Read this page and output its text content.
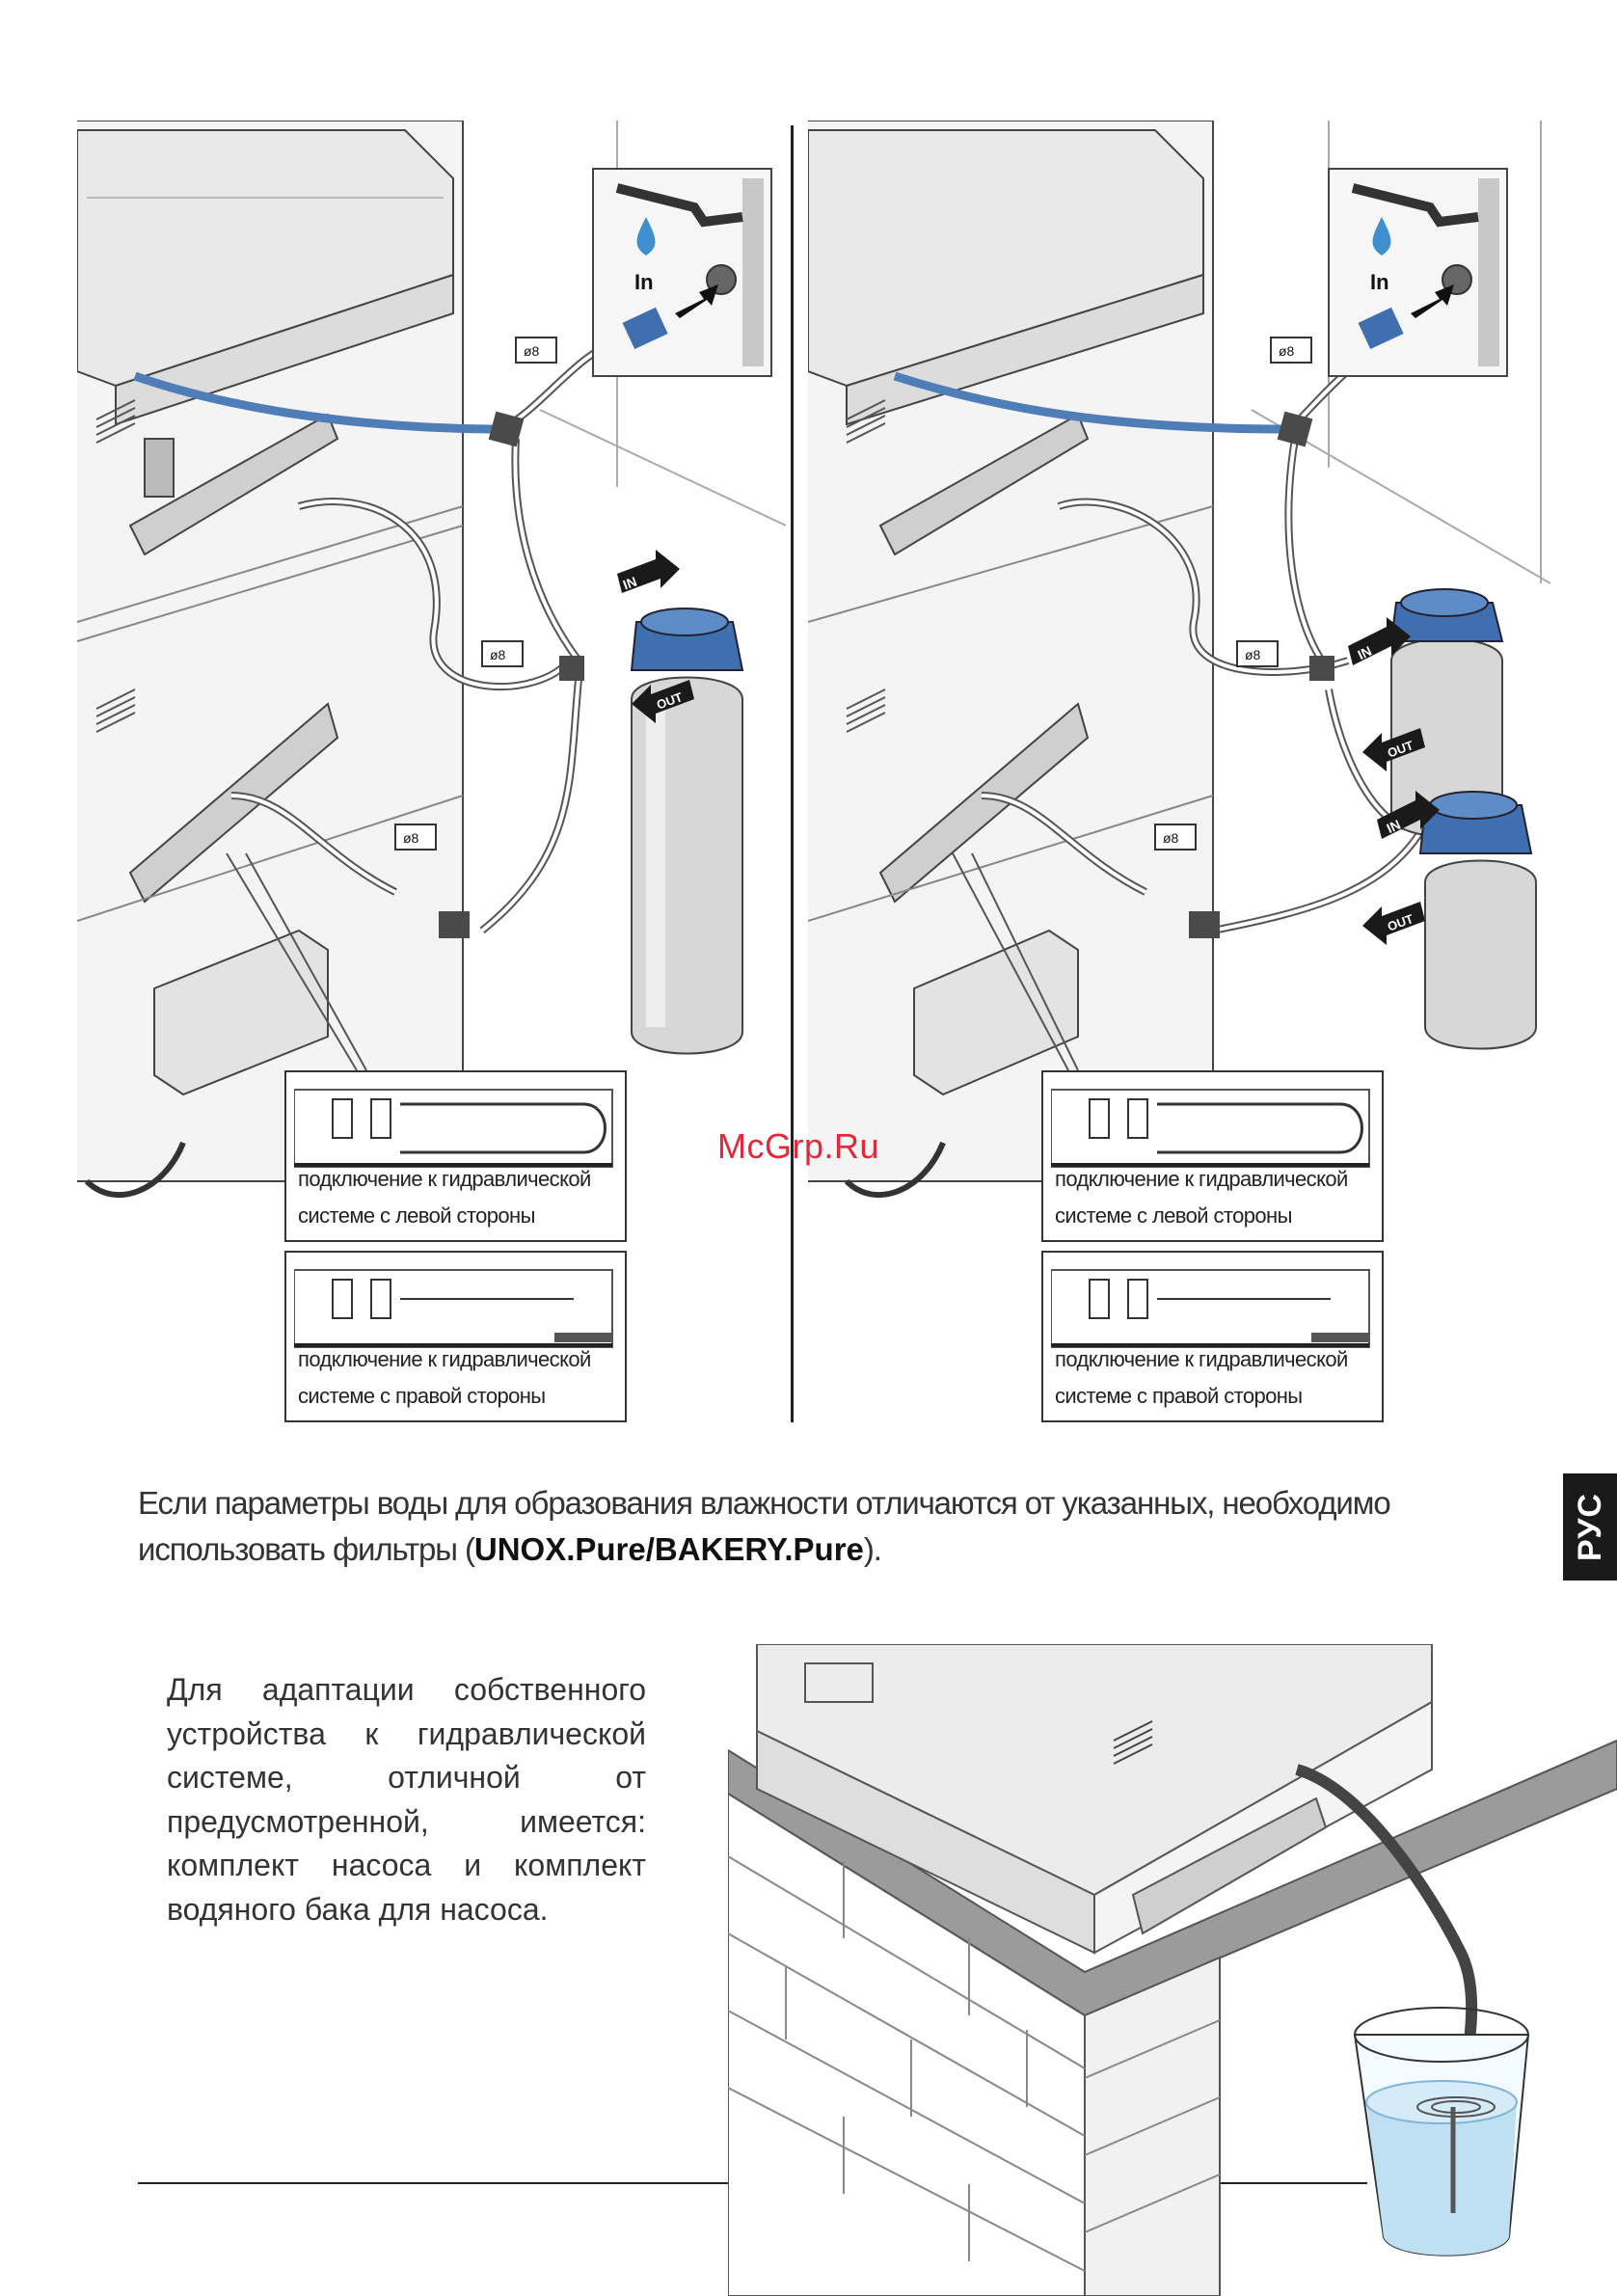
In
ø8
ø8
ø8
IN
OUT
In
ø8
ø8
ø8
IN
OUT
IN
OUT
подключение к гидравлической
системе с левой стороны
подключение к гидравлической
системе с правой стороны
подключение к гидравлической
системе с левой стороны
подключение к гидравлической
системе с правой стороны
McGrp.Ru
Если параметры воды для образования влажности отличаются от указанных, необходимо использовать фильтры (UNOX.Pure/BAKERY.Pure).	РУС
Для адаптации собственного устройства к гидравлической системе, отличной от предусмотренной, имеется: комплект насоса и комплект водяного бака для насоса.
